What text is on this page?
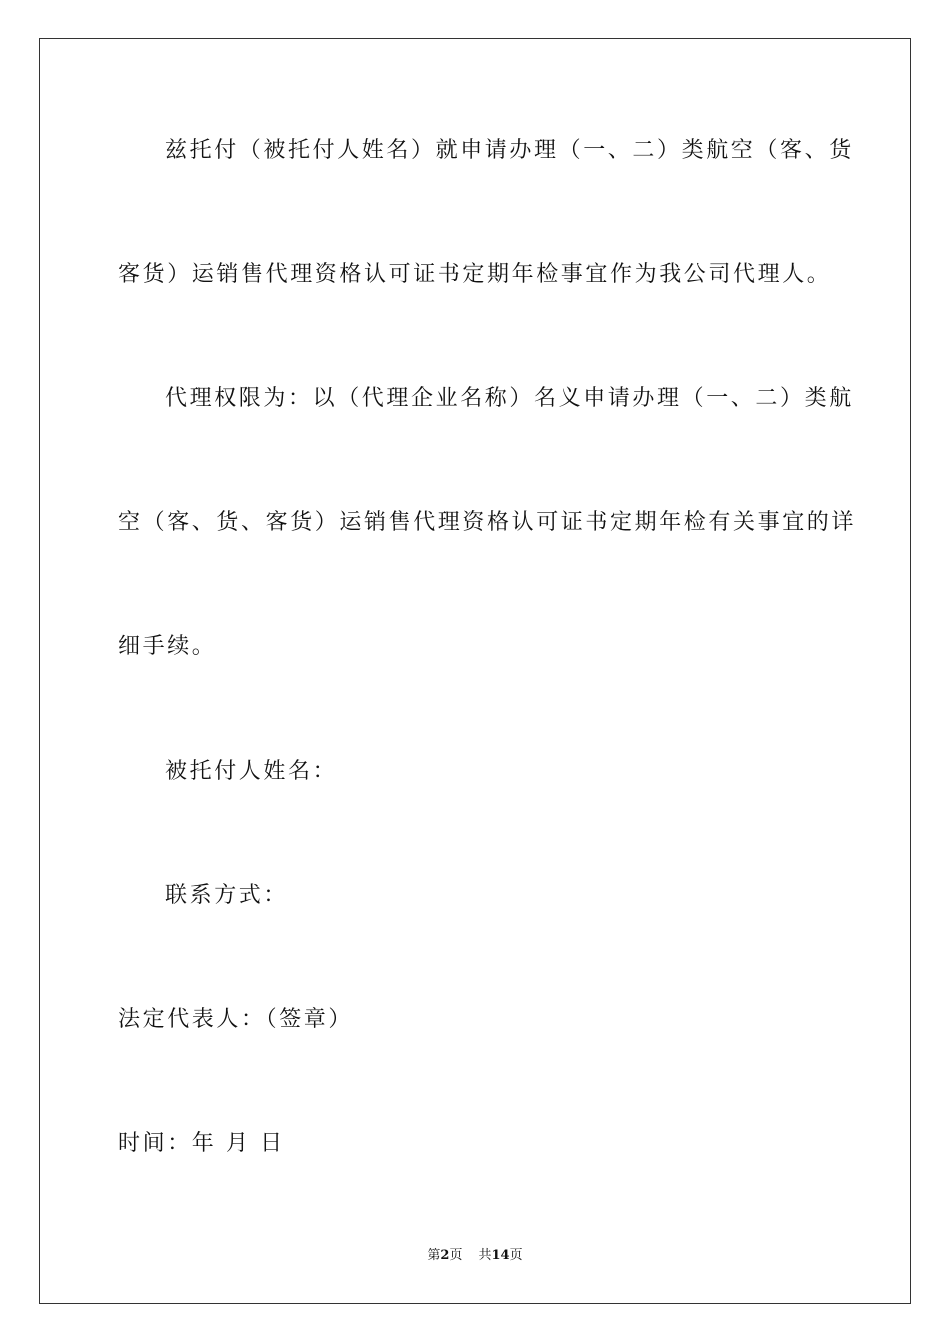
兹托付（被托付人姓名）就申请办理（一、二）类航空（客、货
客货）运销售代理资格认可证书定期年检事宜作为我公司代理人。
代理权限为：以（代理企业名称）名义申请办理（一、二）类航
空（客、货、客货）运销售代理资格认可证书定期年检有关事宜的详
细手续。
被托付人姓名：
联系方式：
法定代表人：（签章）
时间：年 月 日
第2页 共14页
